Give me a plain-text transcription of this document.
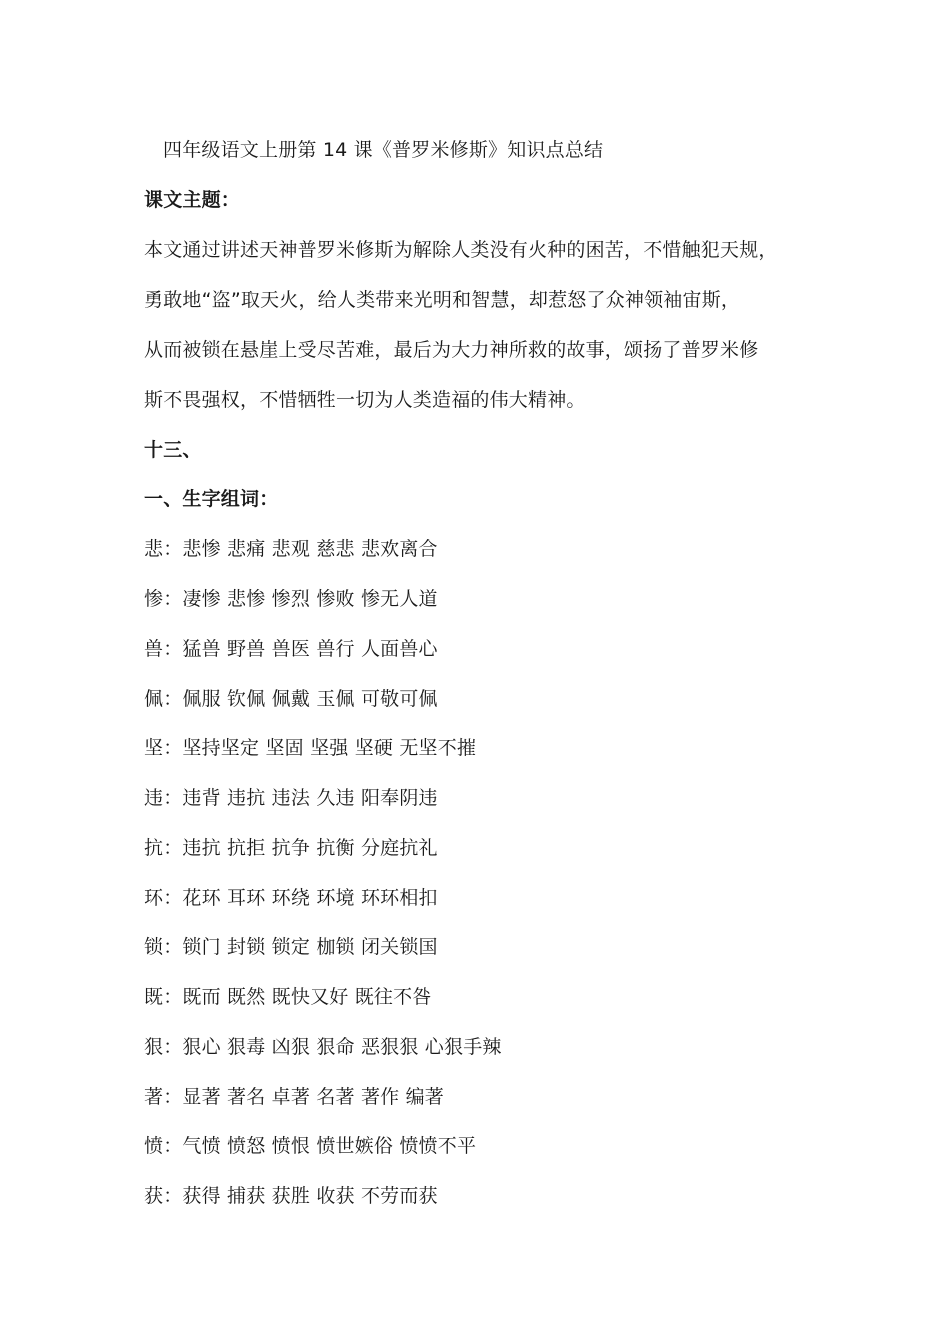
四年级语文上册第 14 课《普罗米修斯》知识点总结
课文主题：
本文通过讲述天神普罗米修斯为解除人类没有火种的困苦，不惜触犯天规，
勇敢地“盗”取天火，给人类带来光明和智慧，却惹怒了众神领袖宙斯，
从而被锁在悬崖上受尽苦难，最后为大力神所救的故事，颂扬了普罗米修
斯不畏强权，不惜牺牲一切为人类造福的伟大精神。
十三、
一、生字组词：
悲：悲惨 悲痛 悲观 慈悲 悲欢离合
惨：凄惨 悲惨 惨烈 惨败 惨无人道
兽：猛兽 野兽 兽医 兽行 人面兽心
佩：佩服 钦佩 佩戴 玉佩 可敬可佩
坚：坚持坚定 坚固 坚强 坚硬 无坚不摧
违：违背 违抗 违法 久违 阳奉阴违
抗：违抗 抗拒 抗争 抗衡 分庭抗礼
环：花环 耳环 环绕 环境 环环相扣
锁：锁门 封锁 锁定 枷锁 闭关锁国
既：既而 既然 既快又好 既往不咎
狠：狠心 狠毒 凶狠 狠命 恶狠狠 心狠手辣
著：显著 著名 卓著 名著 著作 编著
愤：气愤 愤怒 愤恨 愤世嫉俗 愤愤不平
获：获得 捕获 获胜 收获 不劳而获
